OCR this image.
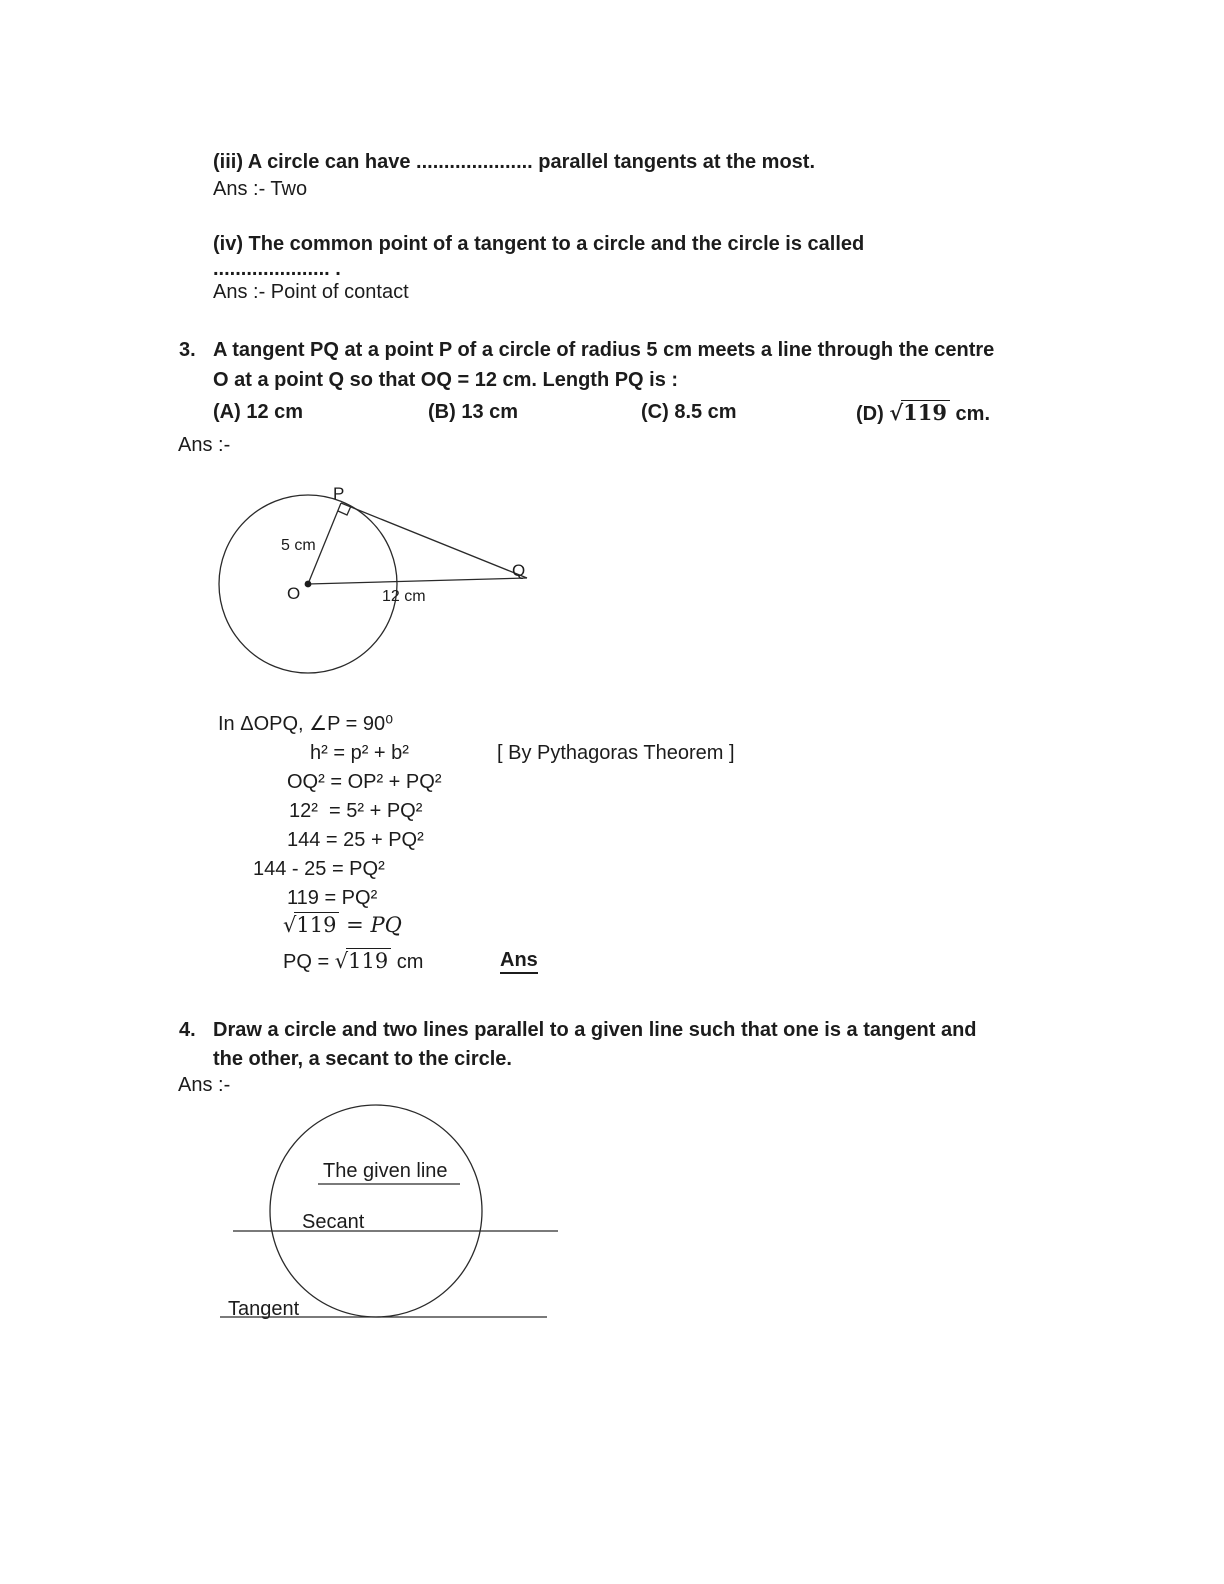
(iii) A circle can have ..................... parallel tangents at the most.
Ans :- Two
(iv) The common point of a tangent to a circle and the circle is called
..................... .
Ans :- Point of contact
3. A tangent PQ at a point P of a circle of radius 5 cm meets a line through the centre
O at a point Q so that OQ = 12 cm. Length PQ is :
(A) 12 cm	(B) 13 cm	(C) 8.5 cm	(D) √119 cm.
Ans :-
P
O
Q
5 cm
12 cm
In ΔOPQ, ∠P = 90⁰
h² = p² + b²	[ By Pythagoras Theorem ]
OQ² = OP² + PQ²
12²  = 5² + PQ²
144 = 25 + PQ²
144 - 25 = PQ²
119 = PQ²
√119 = PQ
PQ = √119 cm	Ans
4. Draw a circle and two lines parallel to a given line such that one is a tangent and
the other, a secant to the circle.
Ans :-
The given line
Secant
Tangent
